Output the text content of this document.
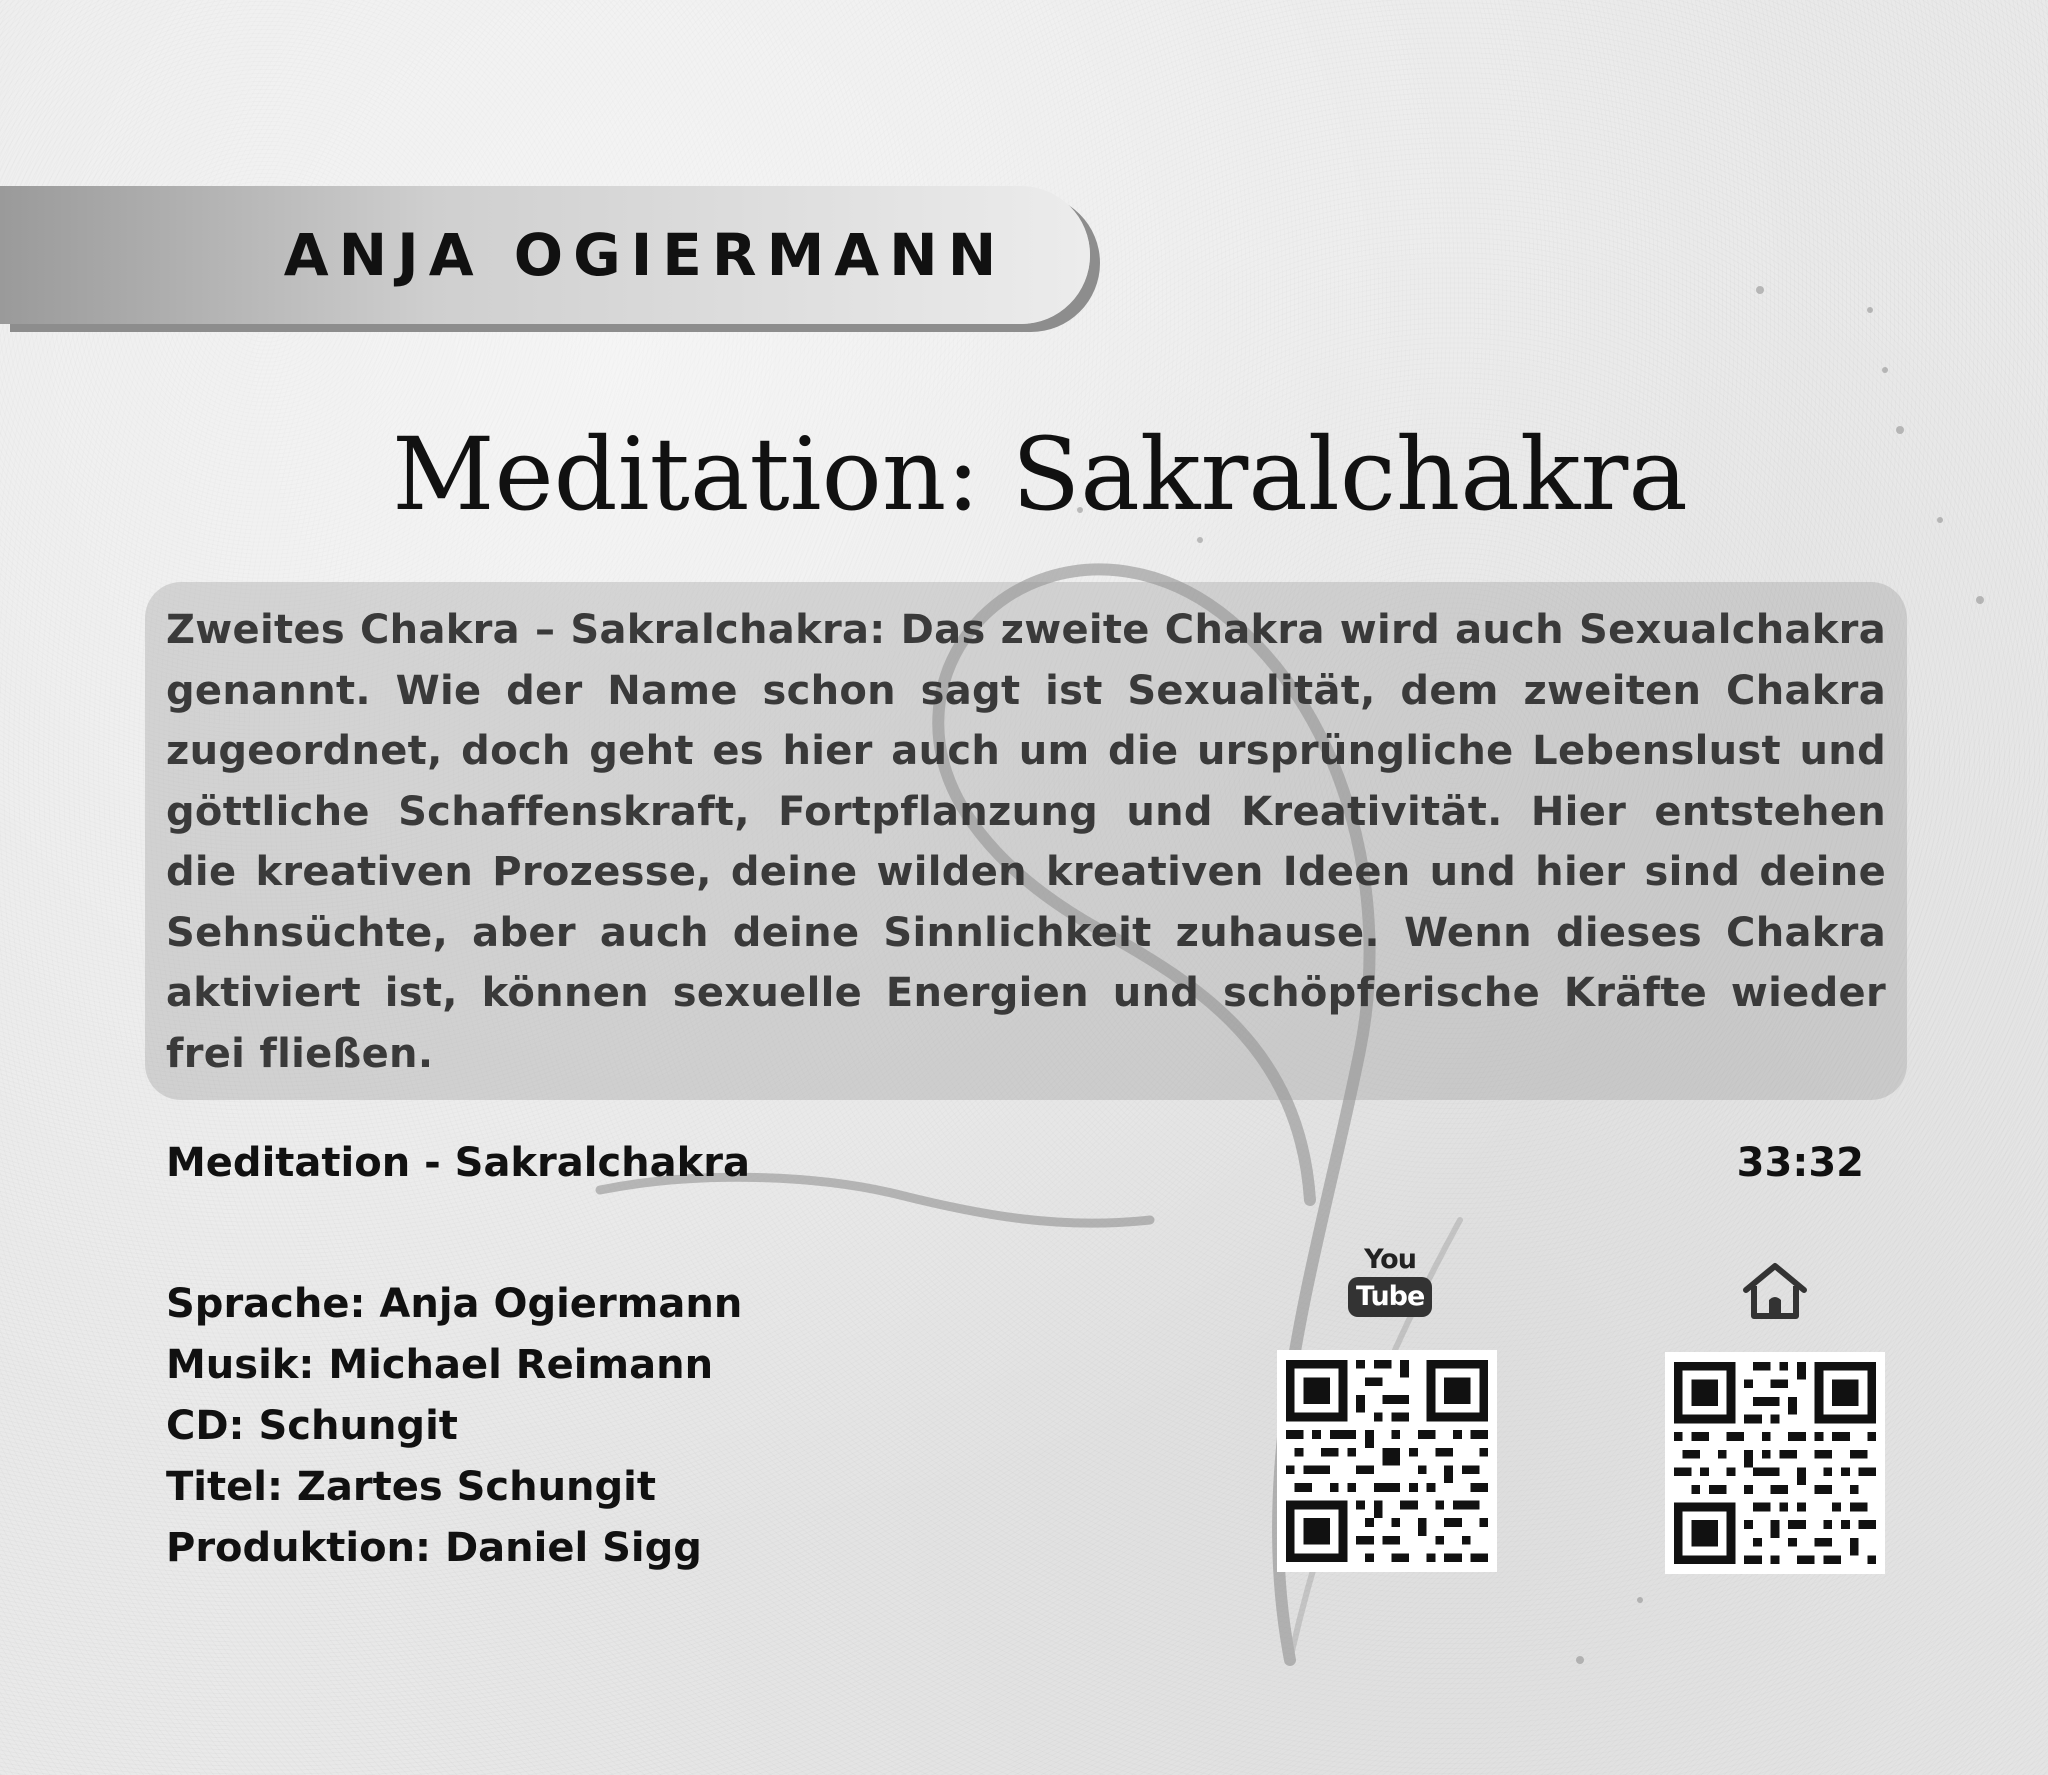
ANJA OGIERMANN
Meditation: Sakralchakra
Zweites Chakra – Sakralchakra: Das zweite Chakra wird auch Sexualchakra genannt. Wie der Name schon sagt ist Sexualität, dem zweiten Chakra zugeordnet, doch geht es hier auch um die ursprüngliche Lebenslust und göttliche Schaffenskraft, Fortpflanzung und Kreativität. Hier entstehen die kreativen Prozesse, deine wilden kreativen Ideen und hier sind deine Sehnsüchte, aber auch deine Sinnlichkeit zuhause. Wenn dieses Chakra aktiviert ist, können sexuelle Energien und schöpferische Kräfte wieder frei fließen.
Meditation - Sakralchakra	33:32
Sprache: Anja Ogiermann
Musik: Michael Reimann
CD: Schungit
Titel: Zartes Schungit
Produktion: Daniel Sigg
You
Tube
